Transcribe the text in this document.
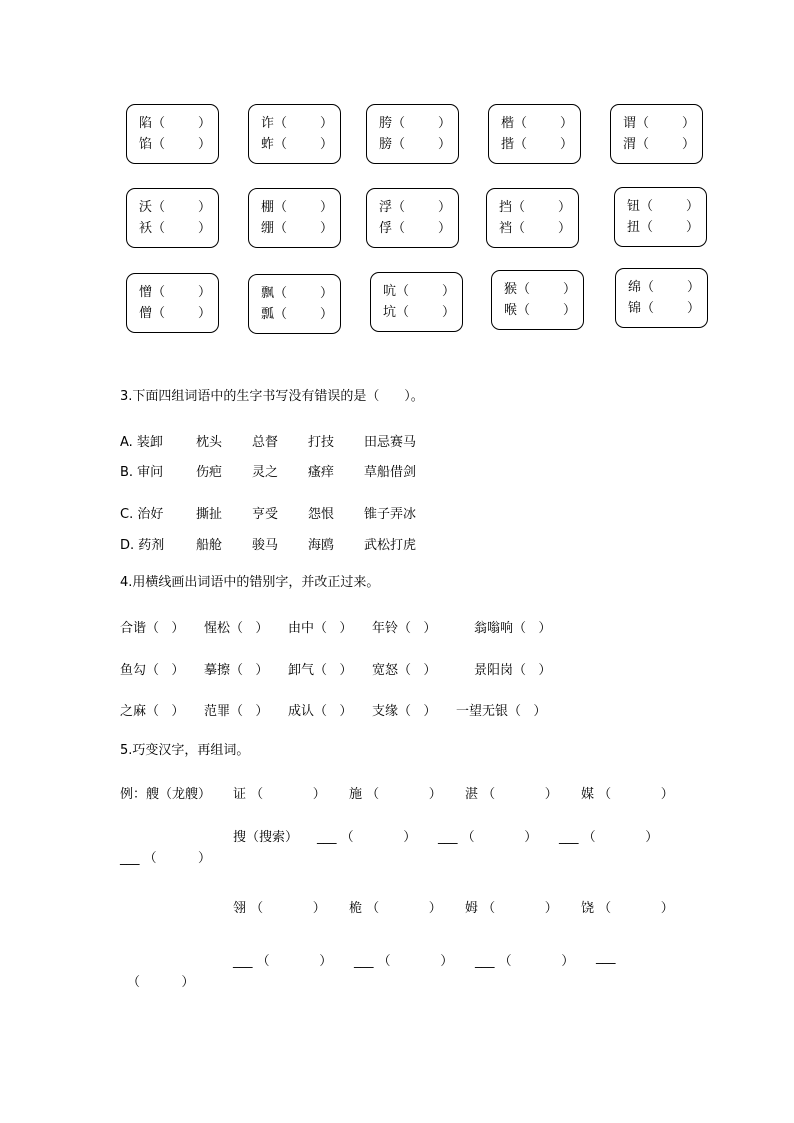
陷（        ）
馅（        ）
诈（        ）
蚱（        ）
胯（        ）
膀（        ）
楷（        ）
揩（        ）
谓（        ）
渭（        ）
沃（        ）
袄（        ）
棚（        ）
绷（        ）
浮（        ）
俘（        ）
挡（        ）
裆（        ）
钮（        ）
扭（        ）
憎（        ）
僧（        ）
飘（        ）
瓢（        ）
吭（        ）
坑（        ）
猴（        ）
喉（        ）
绵（        ）
锦（        ）
3.下面四组词语中的生字书写没有错误的是（      ）。
A. 装卸	枕头 总督 打技 田忌赛马
B. 审问	伤疤 灵之 瘙痒 草船借剑
C. 治好	撕扯 亨受 怨恨 锥子弄冰
D. 药剂 船舱 骏马 海鸥 武松打虎
4.用横线画出词语中的错别字，并改正过来。
合谐（   ） 惺松（   ） 由中（   ） 年铃（   ）	翁嗡响（   ）
鱼勾（   ） 摹擦（   ） 卸气（   ） 宽怒（   ）	景阳岗（   ）
之麻（   ） 范罪（   ） 成认（   ） 支缘（   ） 一望无银（   ）
5.巧变汉字，再组词。
例：艘（龙艘） 证 （            ） 施 （            ） 湛 （            ） 媒 （            ）
搜（搜索） ___ （            ） ___ （            ） ___ （            ）
___ （          ）
翎 （            ） 桅 （            ） 姆 （            ） 饶 （            ）
___ （            ） ___ （            ） ___ （            ） ___
（          ）
